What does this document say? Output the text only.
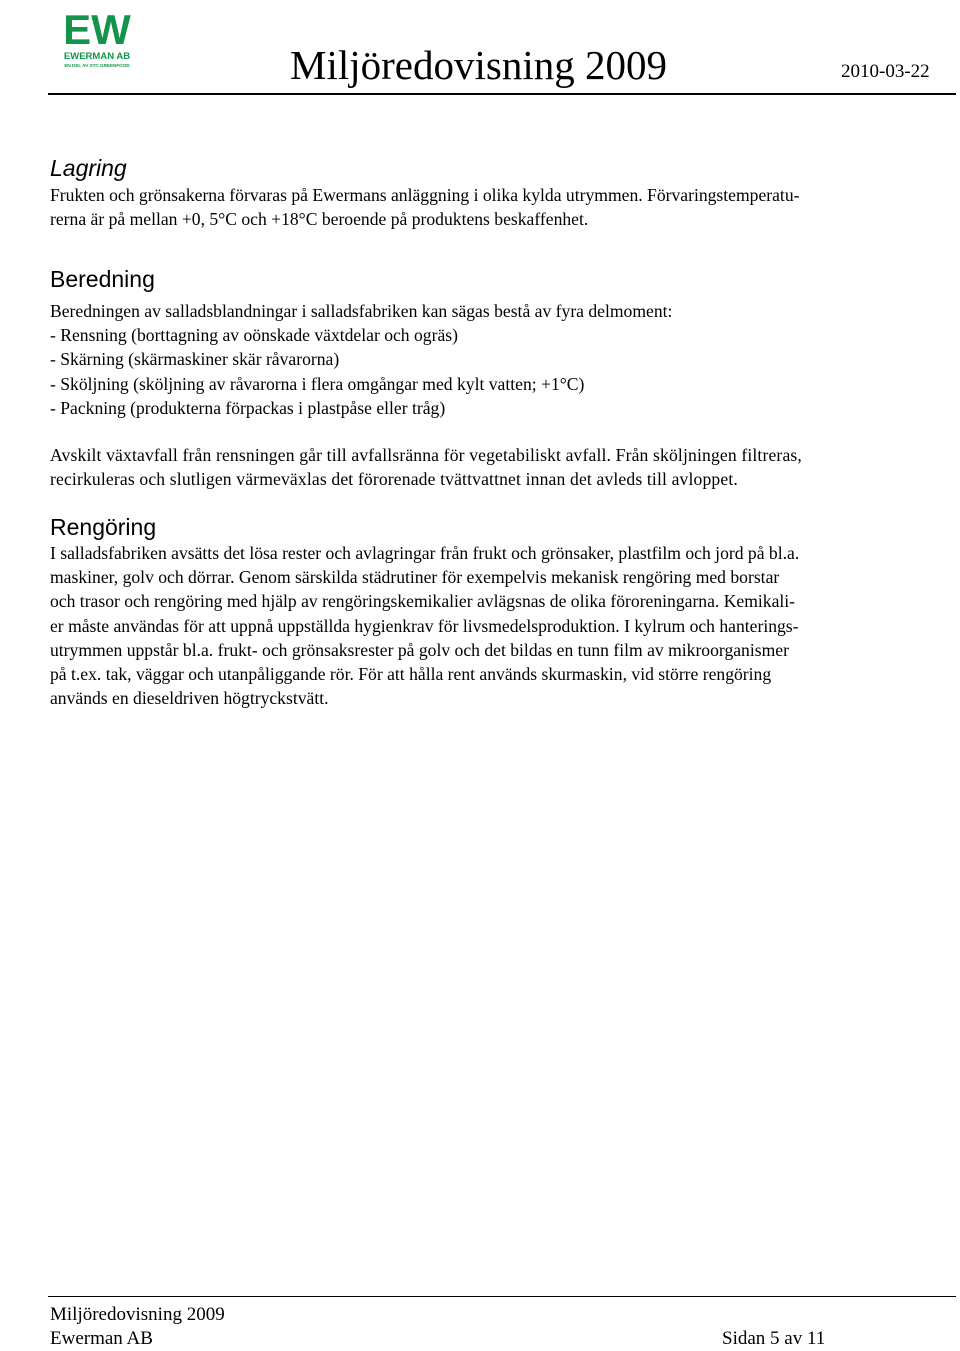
EW
EWERMAN AB
EN DEL AV STC GREENFOOD	Miljöredovisning 2009	2010-03-22
Lagring
Frukten och grönsakerna förvaras på Ewermans anläggning i olika kylda utrymmen. Förvaringstemperatu-
rerna är på mellan +0, 5°C och +18°C beroende på produktens beskaffenhet.
Beredning
Beredningen av salladsblandningar i salladsfabriken kan sägas bestå av fyra delmoment:
- Rensning (borttagning av oönskade växtdelar och ogräs)
- Skärning (skärmaskiner skär råvarorna)
- Sköljning (sköljning av råvarorna i flera omgångar med kylt vatten; +1°C)
- Packning (produkterna förpackas i plastpåse eller tråg)
Avskilt växtavfall från rensningen går till avfallsränna för vegetabiliskt avfall. Från sköljningen filtreras,
recirkuleras och slutligen värmeväxlas det förorenade tvättvattnet innan det avleds till avloppet.
Rengöring
I salladsfabriken avsätts det lösa rester och avlagringar från frukt och grönsaker, plastfilm och jord på bl.a.
maskiner, golv och dörrar. Genom särskilda städrutiner för exempelvis mekanisk rengöring med borstar
och trasor och rengöring med hjälp av rengöringskemikalier avlägsnas de olika föroreningarna. Kemikali-
er måste användas för att uppnå uppställda hygienkrav för livsmedelsproduktion. I kylrum och hanterings-
utrymmen uppstår bl.a. frukt- och grönsaksrester på golv och det bildas en tunn film av mikroorganismer
på t.ex. tak, väggar och utanpåliggande rör. För att hålla rent används skurmaskin, vid större rengöring
används en dieseldriven högtryckstvätt.
Miljöredovisning 2009
Ewerman AB	Sidan 5 av 11
